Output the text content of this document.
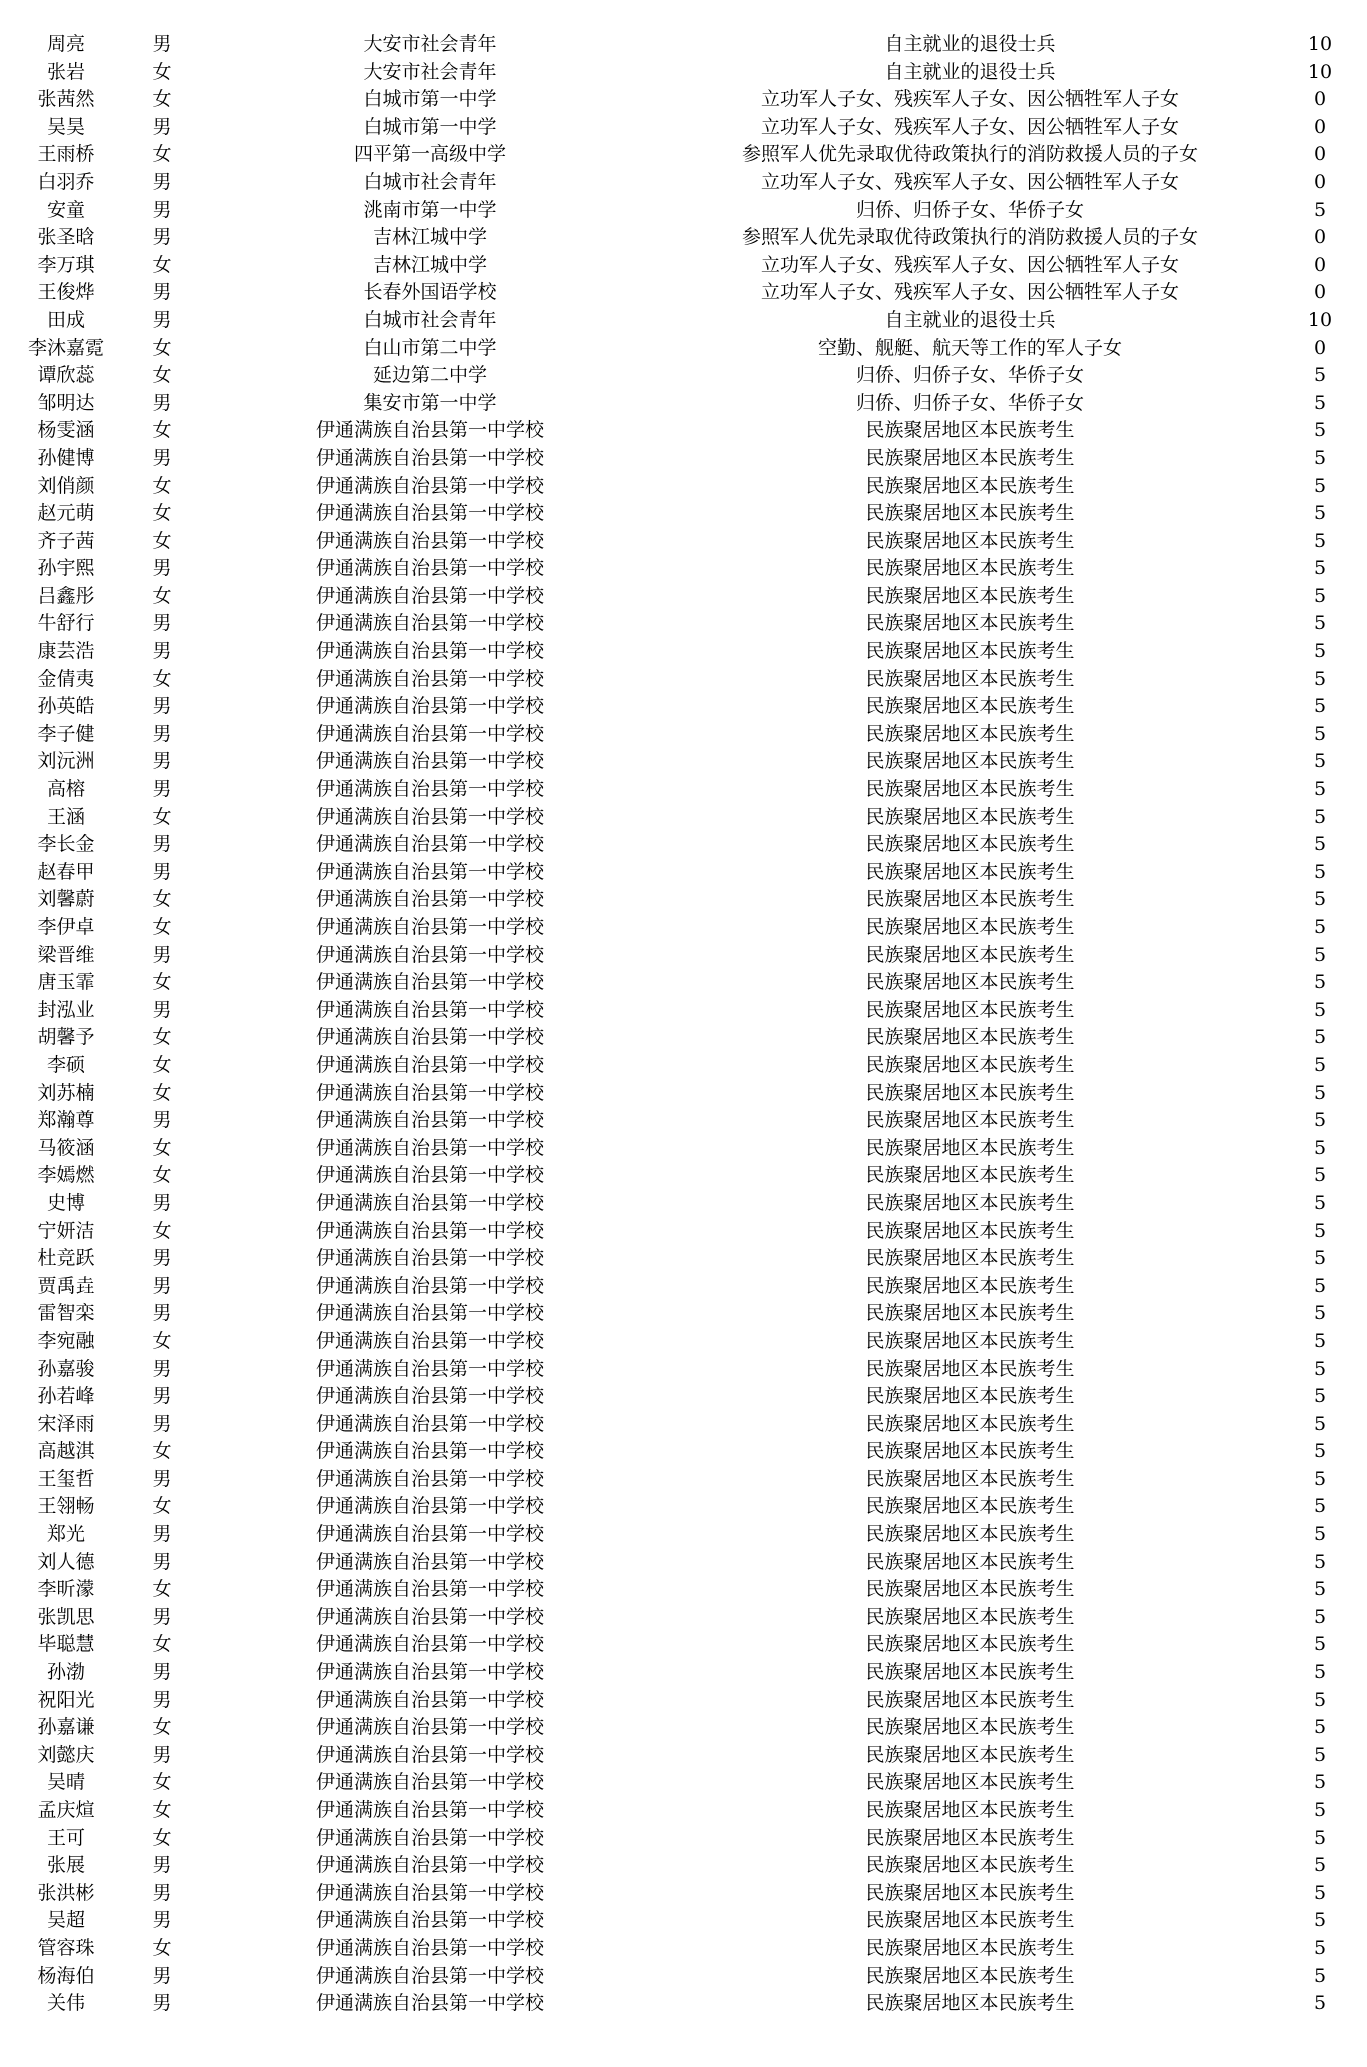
周亮	男	大安市社会青年	自主就业的退役士兵	10
张岩	女	大安市社会青年	自主就业的退役士兵	10
张茜然	女	白城市第一中学	立功军人子女、残疾军人子女、因公牺牲军人子女	0
吴昊	男	白城市第一中学	立功军人子女、残疾军人子女、因公牺牲军人子女	0
王雨桥	女	四平第一高级中学	参照军人优先录取优待政策执行的消防救援人员的子女	0
白羽乔	男	白城市社会青年	立功军人子女、残疾军人子女、因公牺牲军人子女	0
安童	男	洮南市第一中学	归侨、归侨子女、华侨子女	5
张圣晗	男	吉林江城中学	参照军人优先录取优待政策执行的消防救援人员的子女	0
李万琪	女	吉林江城中学	立功军人子女、残疾军人子女、因公牺牲军人子女	0
王俊烨	男	长春外国语学校	立功军人子女、残疾军人子女、因公牺牲军人子女	0
田成	男	白城市社会青年	自主就业的退役士兵	10
李沐嘉霓	女	白山市第二中学	空勤、舰艇、航天等工作的军人子女	0
谭欣蕊	女	延边第二中学	归侨、归侨子女、华侨子女	5
邹明达	男	集安市第一中学	归侨、归侨子女、华侨子女	5
杨雯涵	女	伊通满族自治县第一中学校	民族聚居地区本民族考生	5
孙健博	男	伊通满族自治县第一中学校	民族聚居地区本民族考生	5
刘俏颜	女	伊通满族自治县第一中学校	民族聚居地区本民族考生	5
赵元萌	女	伊通满族自治县第一中学校	民族聚居地区本民族考生	5
齐子茜	女	伊通满族自治县第一中学校	民族聚居地区本民族考生	5
孙宇熙	男	伊通满族自治县第一中学校	民族聚居地区本民族考生	5
吕鑫彤	女	伊通满族自治县第一中学校	民族聚居地区本民族考生	5
牛舒行	男	伊通满族自治县第一中学校	民族聚居地区本民族考生	5
康芸浩	男	伊通满族自治县第一中学校	民族聚居地区本民族考生	5
金倩夷	女	伊通满族自治县第一中学校	民族聚居地区本民族考生	5
孙英皓	男	伊通满族自治县第一中学校	民族聚居地区本民族考生	5
李子健	男	伊通满族自治县第一中学校	民族聚居地区本民族考生	5
刘沅洲	男	伊通满族自治县第一中学校	民族聚居地区本民族考生	5
高榕	男	伊通满族自治县第一中学校	民族聚居地区本民族考生	5
王涵	女	伊通满族自治县第一中学校	民族聚居地区本民族考生	5
李长金	男	伊通满族自治县第一中学校	民族聚居地区本民族考生	5
赵春甲	男	伊通满族自治县第一中学校	民族聚居地区本民族考生	5
刘馨蔚	女	伊通满族自治县第一中学校	民族聚居地区本民族考生	5
李伊卓	女	伊通满族自治县第一中学校	民族聚居地区本民族考生	5
梁晋维	男	伊通满族自治县第一中学校	民族聚居地区本民族考生	5
唐玉霏	女	伊通满族自治县第一中学校	民族聚居地区本民族考生	5
封泓业	男	伊通满族自治县第一中学校	民族聚居地区本民族考生	5
胡馨予	女	伊通满族自治县第一中学校	民族聚居地区本民族考生	5
李硕	女	伊通满族自治县第一中学校	民族聚居地区本民族考生	5
刘苏楠	女	伊通满族自治县第一中学校	民族聚居地区本民族考生	5
郑瀚尊	男	伊通满族自治县第一中学校	民族聚居地区本民族考生	5
马筱涵	女	伊通满族自治县第一中学校	民族聚居地区本民族考生	5
李嫣燃	女	伊通满族自治县第一中学校	民族聚居地区本民族考生	5
史博	男	伊通满族自治县第一中学校	民族聚居地区本民族考生	5
宁妍洁	女	伊通满族自治县第一中学校	民族聚居地区本民族考生	5
杜竞跃	男	伊通满族自治县第一中学校	民族聚居地区本民族考生	5
贾禹垚	男	伊通满族自治县第一中学校	民族聚居地区本民族考生	5
雷智栾	男	伊通满族自治县第一中学校	民族聚居地区本民族考生	5
李宛融	女	伊通满族自治县第一中学校	民族聚居地区本民族考生	5
孙嘉骏	男	伊通满族自治县第一中学校	民族聚居地区本民族考生	5
孙若峰	男	伊通满族自治县第一中学校	民族聚居地区本民族考生	5
宋泽雨	男	伊通满族自治县第一中学校	民族聚居地区本民族考生	5
高越淇	女	伊通满族自治县第一中学校	民族聚居地区本民族考生	5
王玺哲	男	伊通满族自治县第一中学校	民族聚居地区本民族考生	5
王翎畅	女	伊通满族自治县第一中学校	民族聚居地区本民族考生	5
郑光	男	伊通满族自治县第一中学校	民族聚居地区本民族考生	5
刘人德	男	伊通满族自治县第一中学校	民族聚居地区本民族考生	5
李昕濛	女	伊通满族自治县第一中学校	民族聚居地区本民族考生	5
张凯思	男	伊通满族自治县第一中学校	民族聚居地区本民族考生	5
毕聪慧	女	伊通满族自治县第一中学校	民族聚居地区本民族考生	5
孙渤	男	伊通满族自治县第一中学校	民族聚居地区本民族考生	5
祝阳光	男	伊通满族自治县第一中学校	民族聚居地区本民族考生	5
孙嘉谦	女	伊通满族自治县第一中学校	民族聚居地区本民族考生	5
刘懿庆	男	伊通满族自治县第一中学校	民族聚居地区本民族考生	5
吴晴	女	伊通满族自治县第一中学校	民族聚居地区本民族考生	5
孟庆煊	女	伊通满族自治县第一中学校	民族聚居地区本民族考生	5
王可	女	伊通满族自治县第一中学校	民族聚居地区本民族考生	5
张展	男	伊通满族自治县第一中学校	民族聚居地区本民族考生	5
张洪彬	男	伊通满族自治县第一中学校	民族聚居地区本民族考生	5
吴超	男	伊通满族自治县第一中学校	民族聚居地区本民族考生	5
管容珠	女	伊通满族自治县第一中学校	民族聚居地区本民族考生	5
杨海伯	男	伊通满族自治县第一中学校	民族聚居地区本民族考生	5
关伟	男	伊通满族自治县第一中学校	民族聚居地区本民族考生	5
